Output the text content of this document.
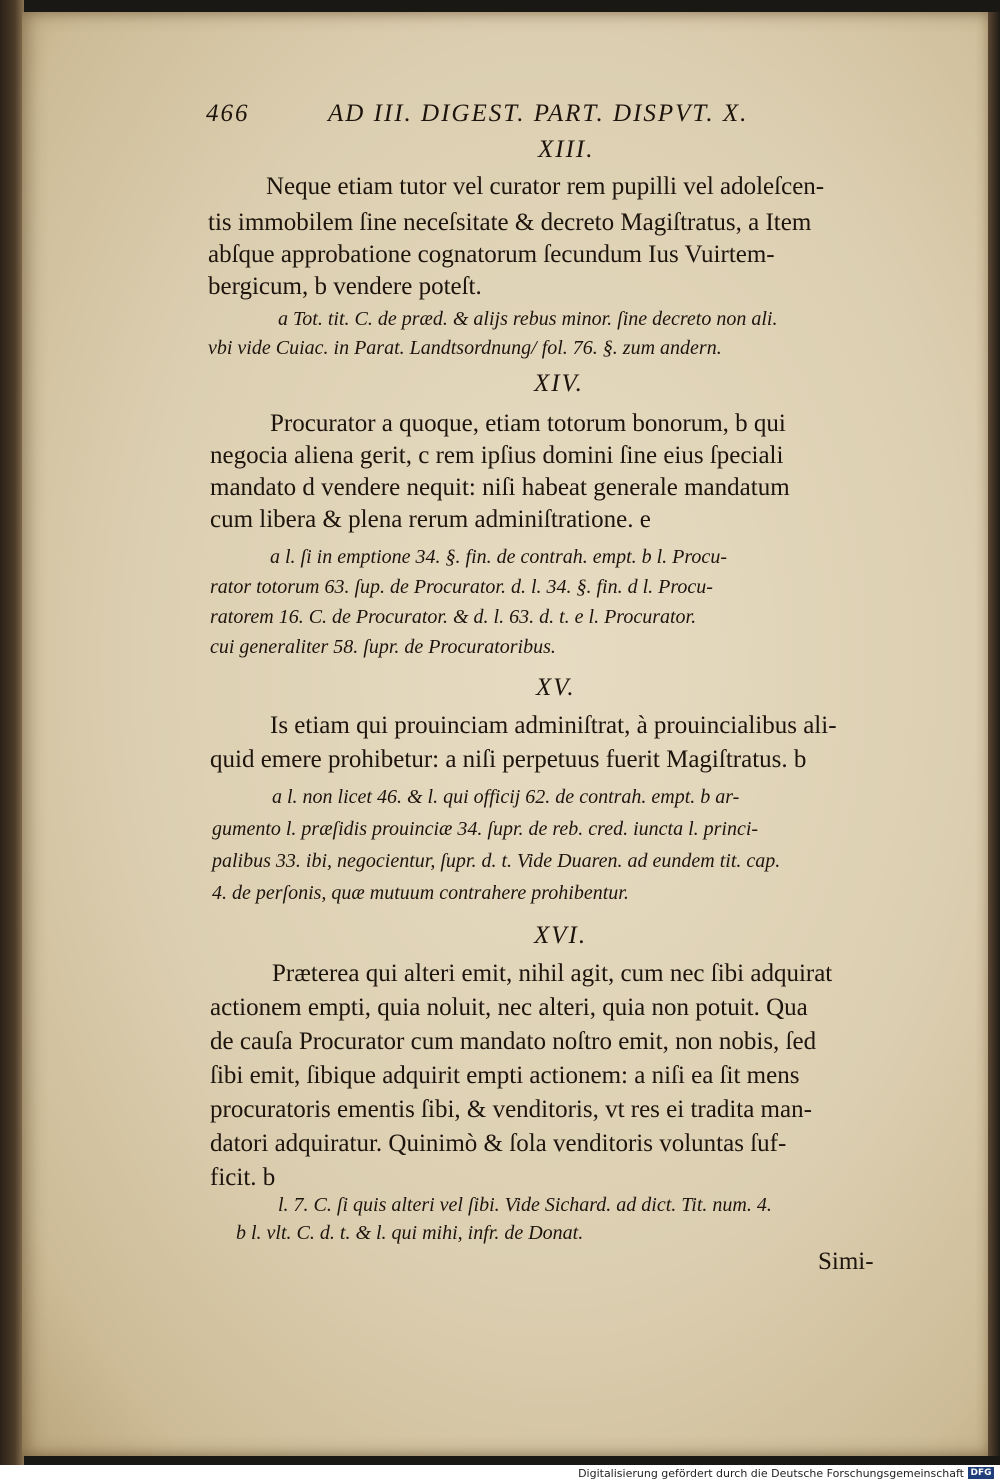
466	AD III. DIGEST. PART. DISPVT. X.
XIII.
Neque etiam tutor vel curator rem pupilli vel adoleſcen-
tis immobilem ſine neceſsitate & decreto Magiſtratus, a Item
abſque approbatione cognatorum ſecundum Ius Vuirtem-
bergicum, b vendere poteſt.
a Tot. tit. C. de præd. & alijs rebus minor. ſine decreto non ali.
vbi vide Cuiac. in Parat. Landtsordnung/ fol. 76. §. zum andern.
XIV.
Procurator a quoque, etiam totorum bonorum, b qui
negocia aliena gerit, c rem ipſius domini ſine eius ſpeciali
mandato d vendere nequit: niſi habeat generale mandatum
cum libera & plena rerum adminiſtratione. e
a l. ſi in emptione 34. §. fin. de contrah. empt. b l. Procu-
rator totorum 63. ſup. de Procurator. d. l. 34. §. fin. d l. Procu-
ratorem 16. C. de Procurator. & d. l. 63. d. t. e l. Procurator.
cui generaliter 58. ſupr. de Procuratoribus.
XV.
Is etiam qui prouinciam adminiſtrat, à prouincialibus ali-
quid emere prohibetur: a niſi perpetuus fuerit Magiſtratus. b
a l. non licet 46. & l. qui officij 62. de contrah. empt. b ar-
gumento l. præſidis prouinciæ 34. ſupr. de reb. cred. iuncta l. princi-
palibus 33. ibi, negocientur, ſupr. d. t. Vide Duaren. ad eundem tit. cap.
4. de perſonis, quæ mutuum contrahere prohibentur.
XVI.
Præterea qui alteri emit, nihil agit, cum nec ſibi adquirat
actionem empti, quia noluit, nec alteri, quia non potuit. Qua
de cauſa Procurator cum mandato noſtro emit, non nobis, ſed
ſibi emit, ſibique adquirit empti actionem: a niſi ea ſit mens
procuratoris ementis ſibi, & venditoris, vt res ei tradita man-
datori adquiratur. Quinimò & ſola venditoris voluntas ſuf-
ficit. b
l. 7. C. ſi quis alteri vel ſibi. Vide Sichard. ad dict. Tit. num. 4.
b l. vlt. C. d. t. & l. qui mihi, infr. de Donat.
Simi-
Digitalisierung gefördert durch die Deutsche Forschungsgemeinschaft DFG
